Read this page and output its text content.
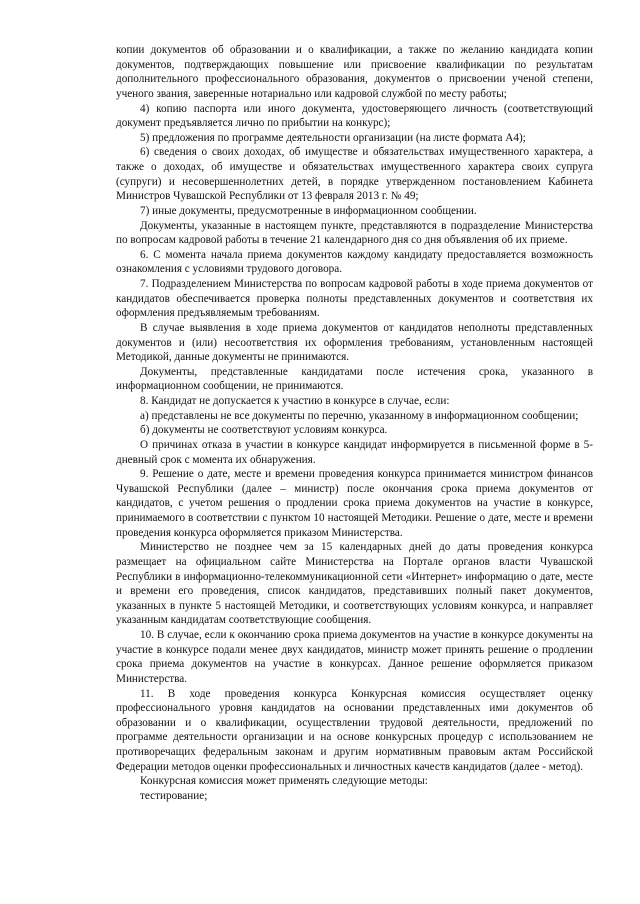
копии документов об образовании и о квалификации, а также по желанию кандидата копии документов, подтверждающих повышение или присвоение квалификации по результатам дополнительного профессионального образования, документов о присвоении ученой степени, ученого звания, заверенные нотариально или кадровой службой по месту работы;

4) копию паспорта или иного документа, удостоверяющего личность (соответствующий документ предъявляется лично по прибытии на конкурс);

5) предложения по программе деятельности организации (на листе формата А4);

6) сведения о своих доходах, об имуществе и обязательствах имущественного характера, а также о доходах, об имуществе и обязательствах имущественного характера своих супруга (супруги) и несовершеннолетних детей, в порядке утвержденном постановлением Кабинета Министров Чувашской Республики от 13 февраля 2013 г. № 49;

7) иные документы, предусмотренные в информационном сообщении.

Документы, указанные в настоящем пункте, представляются в подразделение Министерства по вопросам кадровой работы в течение 21 календарного дня со дня объявления об их приеме.

6. С момента начала приема документов каждому кандидату предоставляется возможность ознакомления с условиями трудового договора.

7. Подразделением Министерства по вопросам кадровой работы в ходе приема документов от кандидатов обеспечивается проверка полноты представленных документов и соответствия их оформления предъявляемым требованиям.

В случае выявления в ходе приема документов от кандидатов неполноты представленных документов и (или) несоответствия их оформления требованиям, установленным настоящей Методикой, данные документы не принимаются.

Документы, представленные кандидатами после истечения срока, указанного в информационном сообщении, не принимаются.

8. Кандидат не допускается к участию в конкурсе в случае, если:

а) представлены не все документы по перечню, указанному в информационном сообщении;

б) документы не соответствуют условиям конкурса.

О причинах отказа в участии в конкурсе кандидат информируется в письменной форме в 5-дневный срок с момента их обнаружения.

9. Решение о дате, месте и времени проведения конкурса принимается министром финансов Чувашской Республики (далее – министр) после окончания срока приема документов от кандидатов, с учетом решения о продлении срока приема документов на участие в конкурсе, принимаемого в соответствии с пунктом 10 настоящей Методики. Решение о дате, месте и времени проведения конкурса оформляется приказом Министерства.

Министерство не позднее чем за 15 календарных дней до даты проведения конкурса размещает на официальном сайте Министерства на Портале органов власти Чувашской Республики в информационно-телекоммуникационной сети «Интернет» информацию о дате, месте и времени его проведения, список кандидатов, представивших полный пакет документов, указанных в пункте 5 настоящей Методики, и соответствующих условиям конкурса, и направляет указанным кандидатам соответствующие сообщения.

10. В случае, если к окончанию срока приема документов на участие в конкурсе документы на участие в конкурсе подали менее двух кандидатов, министр может принять решение о продлении срока приема документов на участие в конкурсах. Данное решение оформляется приказом Министерства.

11. В ходе проведения конкурса Конкурсная комиссия осуществляет оценку профессионального уровня кандидатов на основании представленных ими документов об образовании и о квалификации, осуществлении трудовой деятельности, предложений по программе деятельности организации и на основе конкурсных процедур с использованием не противоречащих федеральным законам и другим нормативным правовым актам Российской Федерации методов оценки профессиональных и личностных качеств кандидатов (далее - метод).

Конкурсная комиссия может применять следующие методы:

тестирование;
